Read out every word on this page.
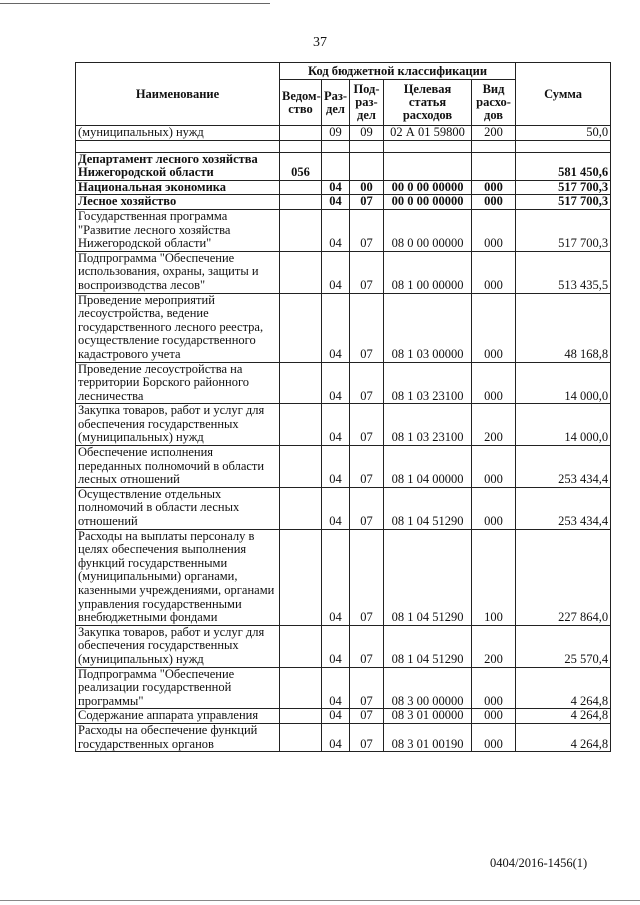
37
Наименование	Код бюджетной классификации					Сумма
	Ведом-ство	Раз-дел	Под-раз-дел	Целевая статья расходов	Вид расхо-дов	
(муниципальных) нужд		09	09	02 А 01 59800	200	50,0

Департамент лесного хозяйства Нижегородской области	056					581 450,6
Национальная экономика		04	00	00 0 00 00000	000	517 700,3
Лесное хозяйство		04	07	00 0 00 00000	000	517 700,3
Государственная программа "Развитие лесного хозяйства Нижегородской области"		04	07	08 0 00 00000	000	517 700,3
Подпрограмма "Обеспечение использования, охраны, защиты и воспроизводства лесов"		04	07	08 1 00 00000	000	513 435,5
Проведение мероприятий лесоустройства, ведение государственного лесного реестра, осуществление государственного кадастрового учета		04	07	08 1 03 00000	000	48 168,8
Проведение лесоустройства на территории Борского районного лесничества		04	07	08 1 03 23100	000	14 000,0
Закупка товаров, работ и услуг для обеспечения государственных (муниципальных) нужд		04	07	08 1 03 23100	200	14 000,0
Обеспечение исполнения переданных полномочий в области лесных отношений		04	07	08 1 04 00000	000	253 434,4
Осуществление отдельных полномочий в области лесных отношений		04	07	08 1 04 51290	000	253 434,4
Расходы на выплаты персоналу в целях обеспечения выполнения функций государственными (муниципальными) органами, казенными учреждениями, органами управления государственными внебюджетными фондами		04	07	08 1 04 51290	100	227 864,0
Закупка товаров, работ и услуг для обеспечения государственных (муниципальных) нужд		04	07	08 1 04 51290	200	25 570,4
Подпрограмма "Обеспечение реализации государственной программы"		04	07	08 3 00 00000	000	4 264,8
Содержание аппарата управления		04	07	08 3 01 00000	000	4 264,8
Расходы на обеспечение функций государственных органов		04	07	08 3 01 00190	000	4 264,8
0404/2016-1456(1)
